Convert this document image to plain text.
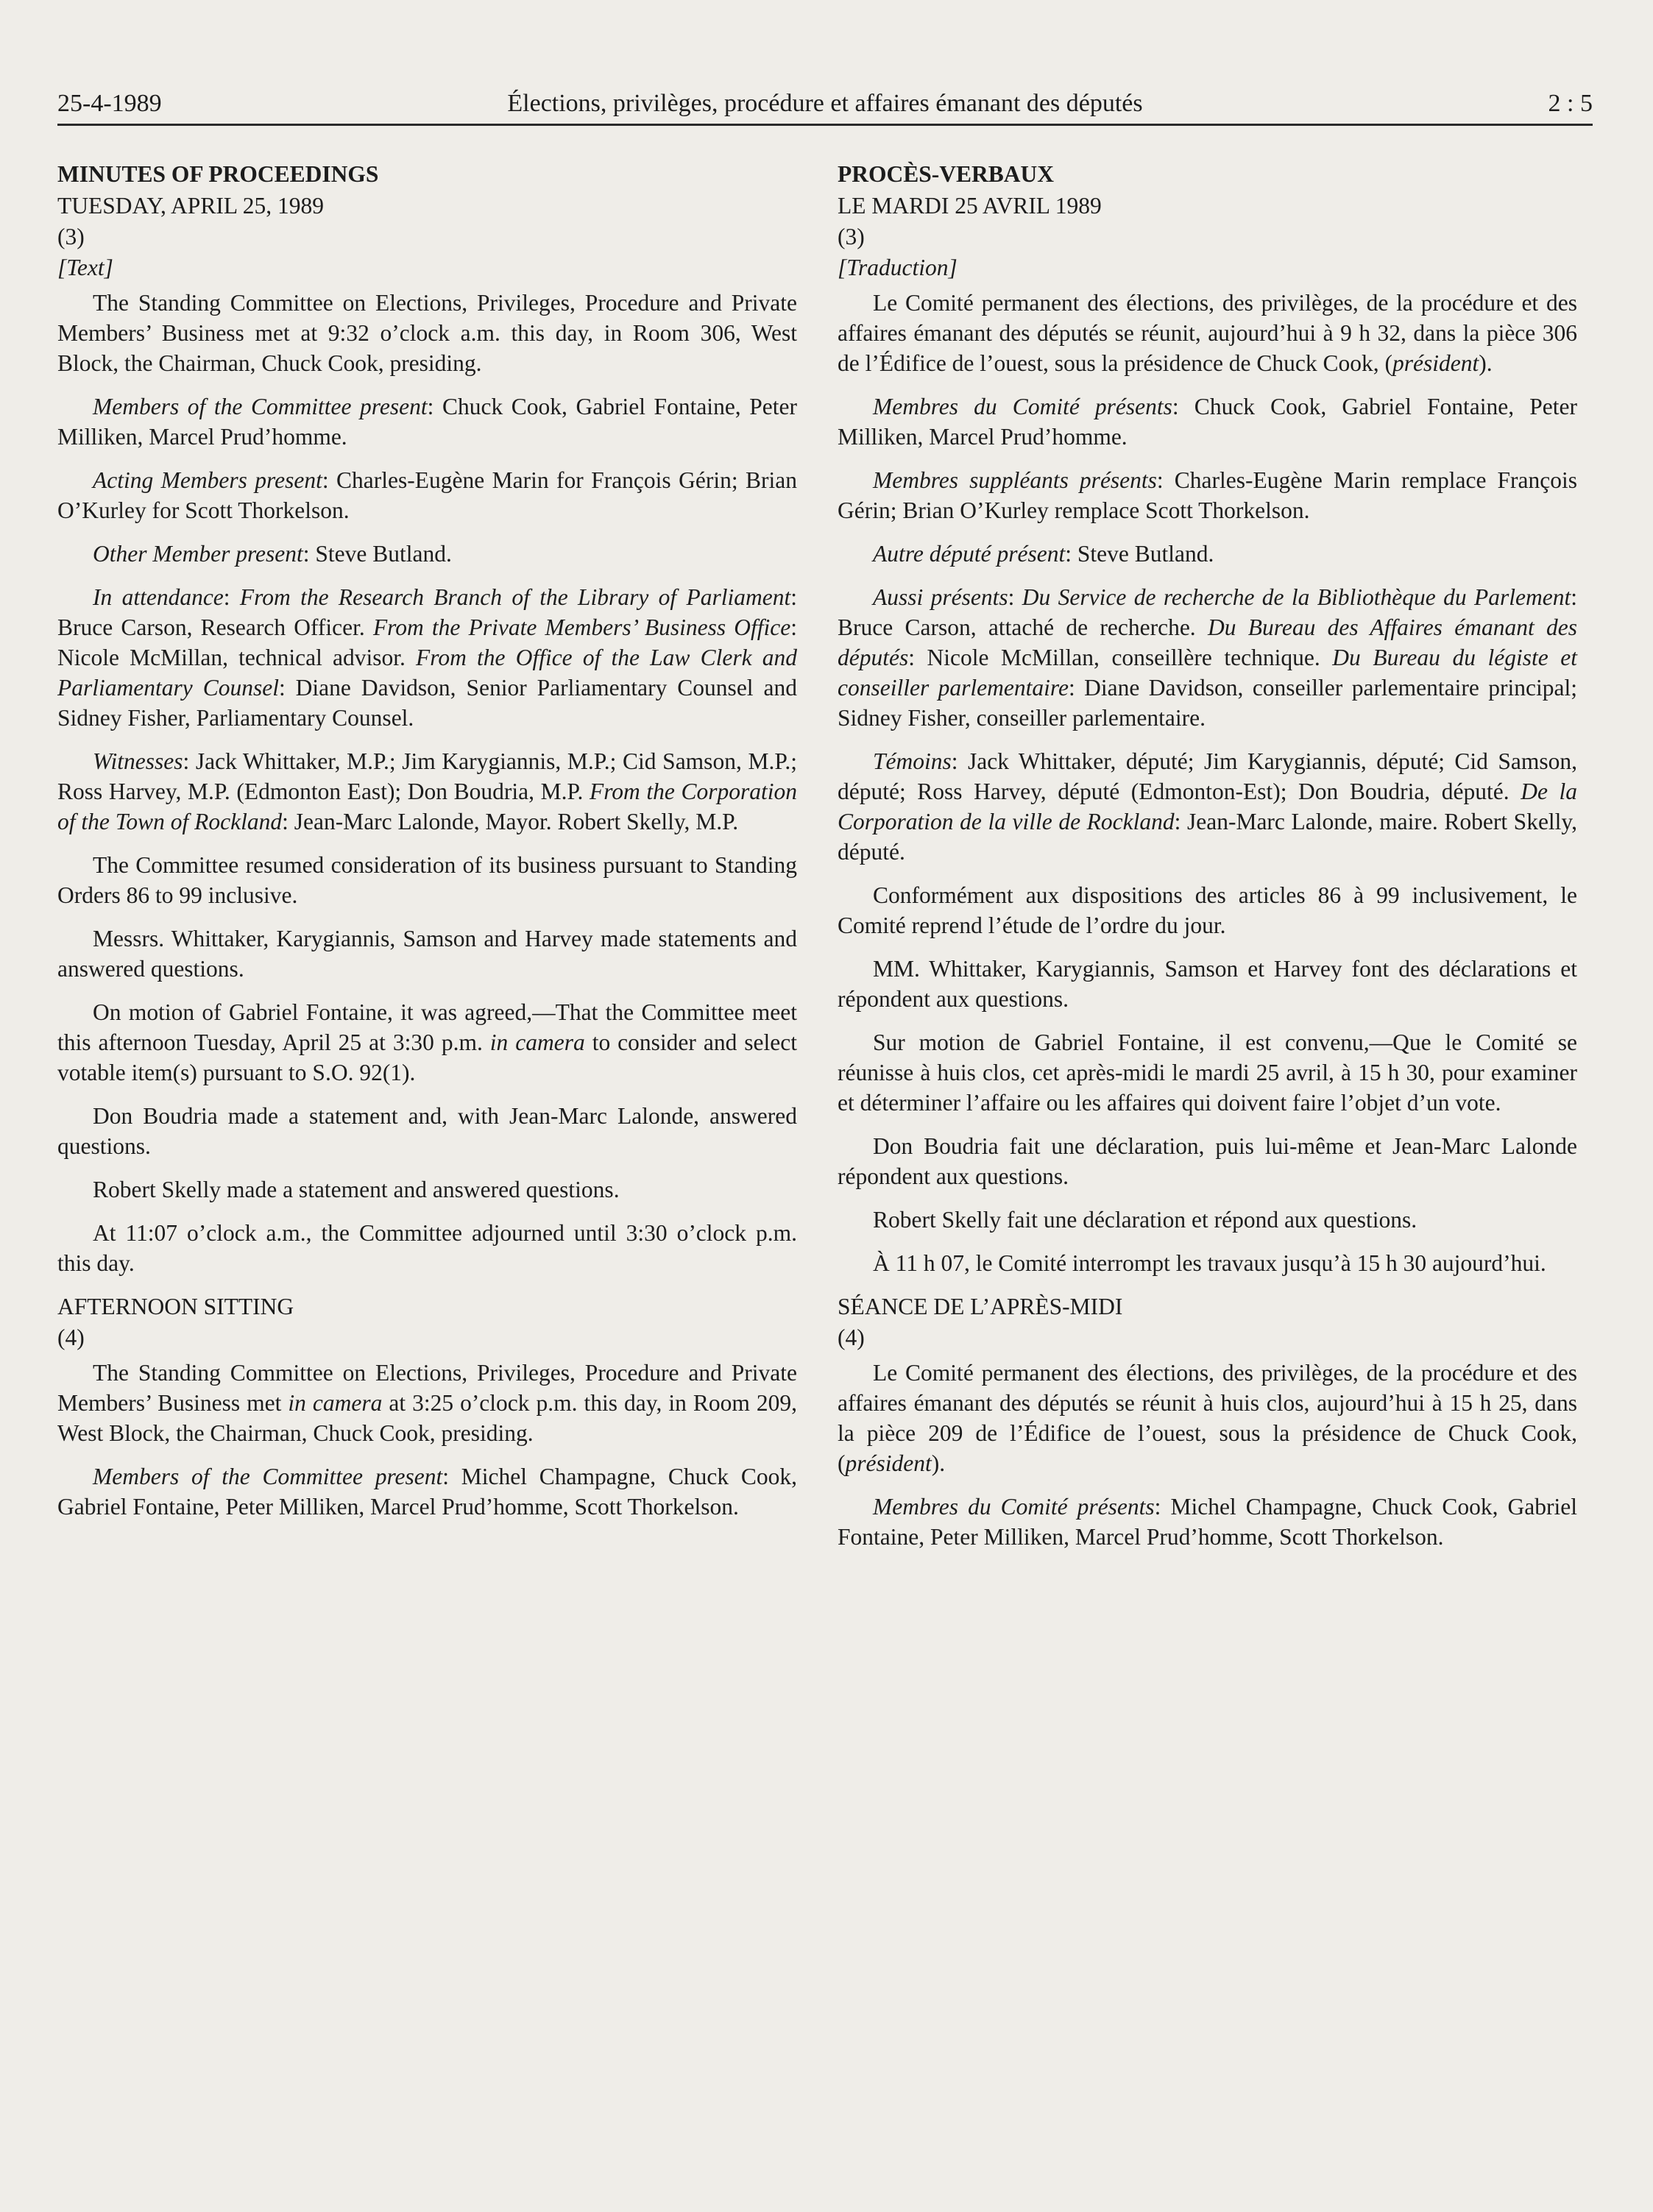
25-4-1989	Élections, privilèges, procédure et affaires émanant des députés	2 : 5

MINUTES OF PROCEEDINGS

TUESDAY, APRIL 25, 1989

(3)

[Text]

The Standing Committee on Elections, Privileges, Procedure and Private Members’ Business met at 9:32 o’clock a.m. this day, in Room 306, West Block, the Chairman, Chuck Cook, presiding.

Members of the Committee present: Chuck Cook, Gabriel Fontaine, Peter Milliken, Marcel Prud’homme.

Acting Members present: Charles-Eugène Marin for François Gérin; Brian O’Kurley for Scott Thorkelson.

Other Member present: Steve Butland.

In attendance: From the Research Branch of the Library of Parliament: Bruce Carson, Research Officer. From the Private Members’ Business Office: Nicole McMillan, technical advisor. From the Office of the Law Clerk and Parliamentary Counsel: Diane Davidson, Senior Parliamentary Counsel and Sidney Fisher, Parliamentary Counsel.

Witnesses: Jack Whittaker, M.P.; Jim Karygiannis, M.P.; Cid Samson, M.P.; Ross Harvey, M.P. (Edmonton East); Don Boudria, M.P. From the Corporation of the Town of Rockland: Jean-Marc Lalonde, Mayor. Robert Skelly, M.P.

The Committee resumed consideration of its business pursuant to Standing Orders 86 to 99 inclusive.

Messrs. Whittaker, Karygiannis, Samson and Harvey made statements and answered questions.

On motion of Gabriel Fontaine, it was agreed,—That the Committee meet this afternoon Tuesday, April 25 at 3:30 p.m. in camera to consider and select votable item(s) pursuant to S.O. 92(1).

Don Boudria made a statement and, with Jean-Marc Lalonde, answered questions.

Robert Skelly made a statement and answered questions.

At 11:07 o’clock a.m., the Committee adjourned until 3:30 o’clock p.m. this day.

AFTERNOON SITTING

(4)

The Standing Committee on Elections, Privileges, Procedure and Private Members’ Business met in camera at 3:25 o’clock p.m. this day, in Room 209, West Block, the Chairman, Chuck Cook, presiding.

Members of the Committee present: Michel Champagne, Chuck Cook, Gabriel Fontaine, Peter Milliken, Marcel Prud’homme, Scott Thorkelson.

PROCÈS-VERBAUX

LE MARDI 25 AVRIL 1989

(3)

[Traduction]

Le Comité permanent des élections, des privilèges, de la procédure et des affaires émanant des députés se réunit, aujourd’hui à 9 h 32, dans la pièce 306 de l’Édifice de l’ouest, sous la présidence de Chuck Cook, (président).

Membres du Comité présents: Chuck Cook, Gabriel Fontaine, Peter Milliken, Marcel Prud’homme.

Membres suppléants présents: Charles-Eugène Marin remplace François Gérin; Brian O’Kurley remplace Scott Thorkelson.

Autre député présent: Steve Butland.

Aussi présents: Du Service de recherche de la Bibliothèque du Parlement: Bruce Carson, attaché de recherche. Du Bureau des Affaires émanant des députés: Nicole McMillan, conseillère technique. Du Bureau du légiste et conseiller parlementaire: Diane Davidson, conseiller parlementaire principal; Sidney Fisher, conseiller parlementaire.

Témoins: Jack Whittaker, député; Jim Karygiannis, député; Cid Samson, député; Ross Harvey, député (Edmonton-Est); Don Boudria, député. De la Corporation de la ville de Rockland: Jean-Marc Lalonde, maire. Robert Skelly, député.

Conformément aux dispositions des articles 86 à 99 inclusivement, le Comité reprend l’étude de l’ordre du jour.

MM. Whittaker, Karygiannis, Samson et Harvey font des déclarations et répondent aux questions.

Sur motion de Gabriel Fontaine, il est convenu,—Que le Comité se réunisse à huis clos, cet après-midi le mardi 25 avril, à 15 h 30, pour examiner et déterminer l’affaire ou les affaires qui doivent faire l’objet d’un vote.

Don Boudria fait une déclaration, puis lui-même et Jean-Marc Lalonde répondent aux questions.

Robert Skelly fait une déclaration et répond aux questions.

À 11 h 07, le Comité interrompt les travaux jusqu’à 15 h 30 aujourd’hui.

SÉANCE DE L’APRÈS-MIDI

(4)

Le Comité permanent des élections, des privilèges, de la procédure et des affaires émanant des députés se réunit à huis clos, aujourd’hui à 15 h 25, dans la pièce 209 de l’Édifice de l’ouest, sous la présidence de Chuck Cook, (président).

Membres du Comité présents: Michel Champagne, Chuck Cook, Gabriel Fontaine, Peter Milliken, Marcel Prud’homme, Scott Thorkelson.
